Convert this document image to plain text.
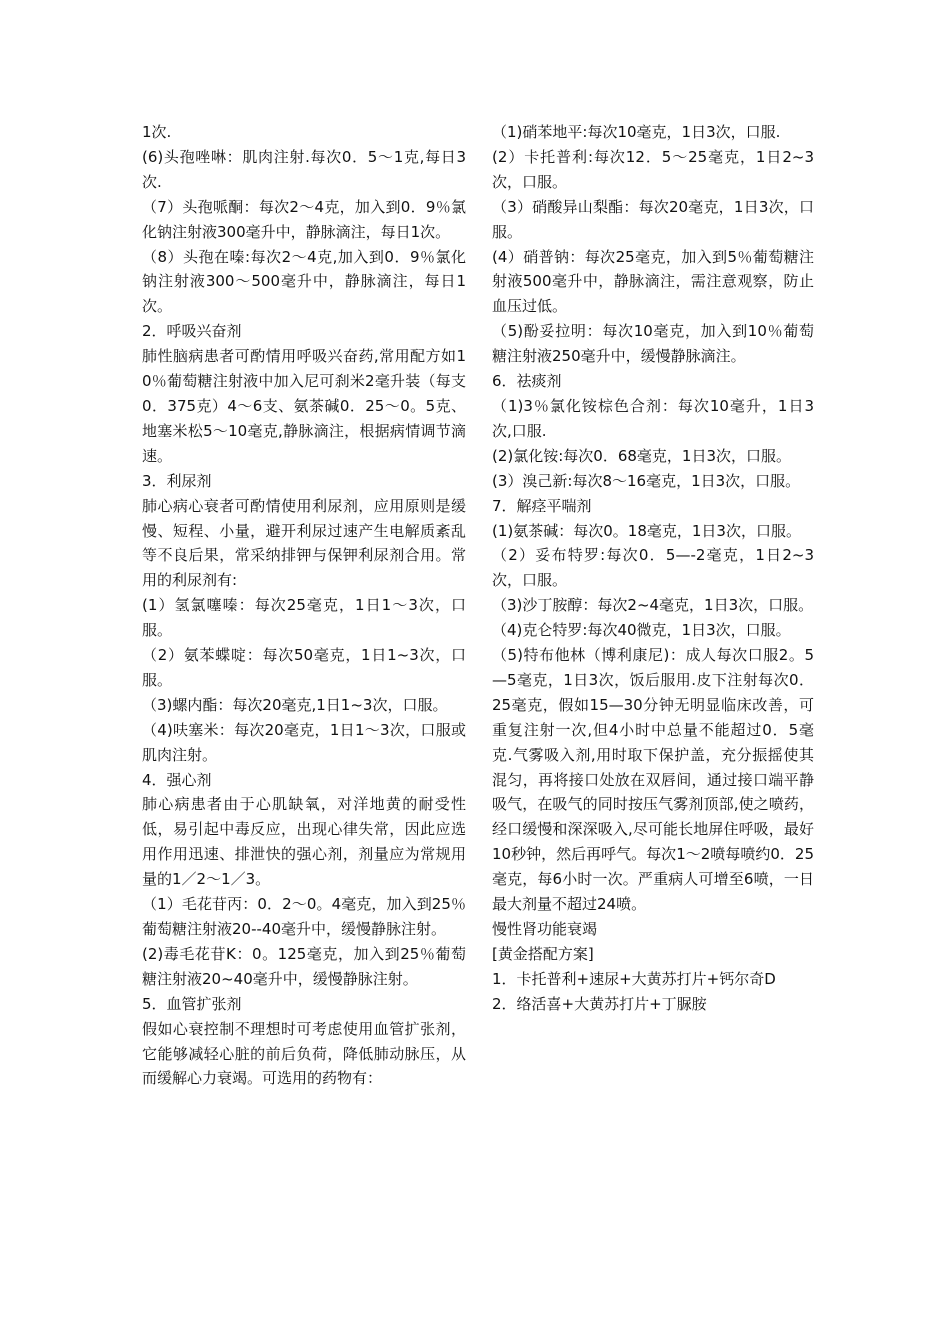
1次.

(6)头孢唑啉：肌肉注射.每次0．5～1克,每日3次.

（7）头孢哌酮：每次2～4克，加入到0．9％氯化钠注射液300毫升中，静脉滴注，每日1次。

（8）头孢在嗪:每次2～4克,加入到0．9％氯化钠注射液300～500毫升中，静脉滴注，每日1次。

2．呼吸兴奋剂

肺性脑病患者可酌情用呼吸兴奋药,常用配方如10％葡萄糖注射液中加入尼可刹米2毫升装（每支0．375克）4～6支、氨茶碱0．25～0。5克、地塞米松5～10毫克,静脉滴注，根据病情调节滴速。

3．利尿剂

肺心病心衰者可酌情使用利尿剂，应用原则是缓慢、短程、小量，避开利尿过速产生电解质紊乱等不良后果，常采纳排钾与保钾利尿剂合用。常用的利尿剂有:

(1）氢氯噻嗪：每次25毫克，1日1～3次，口服。

（2）氨苯蝶啶：每次50毫克，1日1~3次，口服。

（3)螺内酯：每次20毫克,1日1~3次，口服。

（4)呋塞米：每次20毫克，1日1～3次，口服或肌肉注射。

4．强心剂

肺心病患者由于心肌缺氧，对洋地黄的耐受性低，易引起中毒反应，出现心律失常，因此应选用作用迅速、排泄快的强心剂，剂量应为常规用量的1／2～1／3。

（1）毛花苷丙：0．2～0。4毫克，加入到25％葡萄糖注射液20--40毫升中，缓慢静脉注射。

(2)毒毛花苷K：0。125毫克，加入到25％葡萄糖注射液20~40毫升中，缓慢静脉注射。

5．血管扩张剂

假如心衰控制不理想时可考虑使用血管扩张剂，它能够减轻心脏的前后负荷，降低肺动脉压，从而缓解心力衰竭。可选用的药物有：

（1)硝苯地平:每次10毫克，1日3次，口服.

(2）卡托普利:每次12．5～25毫克，1日2~3次，口服。

（3）硝酸异山梨酯：每次20毫克，1日3次，口服。

(4）硝普钠：每次25毫克，加入到5％葡萄糖注射液500毫升中，静脉滴注，需注意观察，防止血压过低。

（5)酚妥拉明：每次10毫克，加入到10％葡萄糖注射液250毫升中，缓慢静脉滴注。

6．祛痰剂

（1)3％氯化铵棕色合剂：每次10毫升，1日3次,口服.

(2)氯化铵:每次0．68毫克，1日3次，口服。

(3）溴己新:每次8～16毫克，1日3次，口服。

7．解痉平喘剂

(1)氨茶碱：每次0。18毫克，1日3次，口服。

（2）妥布特罗:每次0．5—-2毫克，1日2~3次，口服。

（3)沙丁胺醇：每次2~4毫克，1日3次，口服。

（4)克仑特罗:每次40微克，1日3次，口服。

（5)特布他林（博利康尼)：成人每次口服2。5—5毫克，1日3次，饭后服用.皮下注射每次0．25毫克，假如15—30分钟无明显临床改善，可重复注射一次,但4小时中总量不能超过0．5毫克.气雾吸入剂,用时取下保护盖，充分振摇使其混匀，再将接口处放在双唇间，通过接口端平静吸气，在吸气的同时按压气雾剂顶部,使之喷药，经口缓慢和深深吸入,尽可能长地屏住呼吸，最好10秒钟，然后再呼气。每次1～2喷每喷约0．25毫克，每6小时一次。严重病人可增至6喷，一日最大剂量不超过24喷。

慢性肾功能衰竭

[黄金搭配方案]

1．卡托普利+速尿+大黄苏打片+钙尔奇D

2．络活喜+大黄苏打片+丁脲胺
